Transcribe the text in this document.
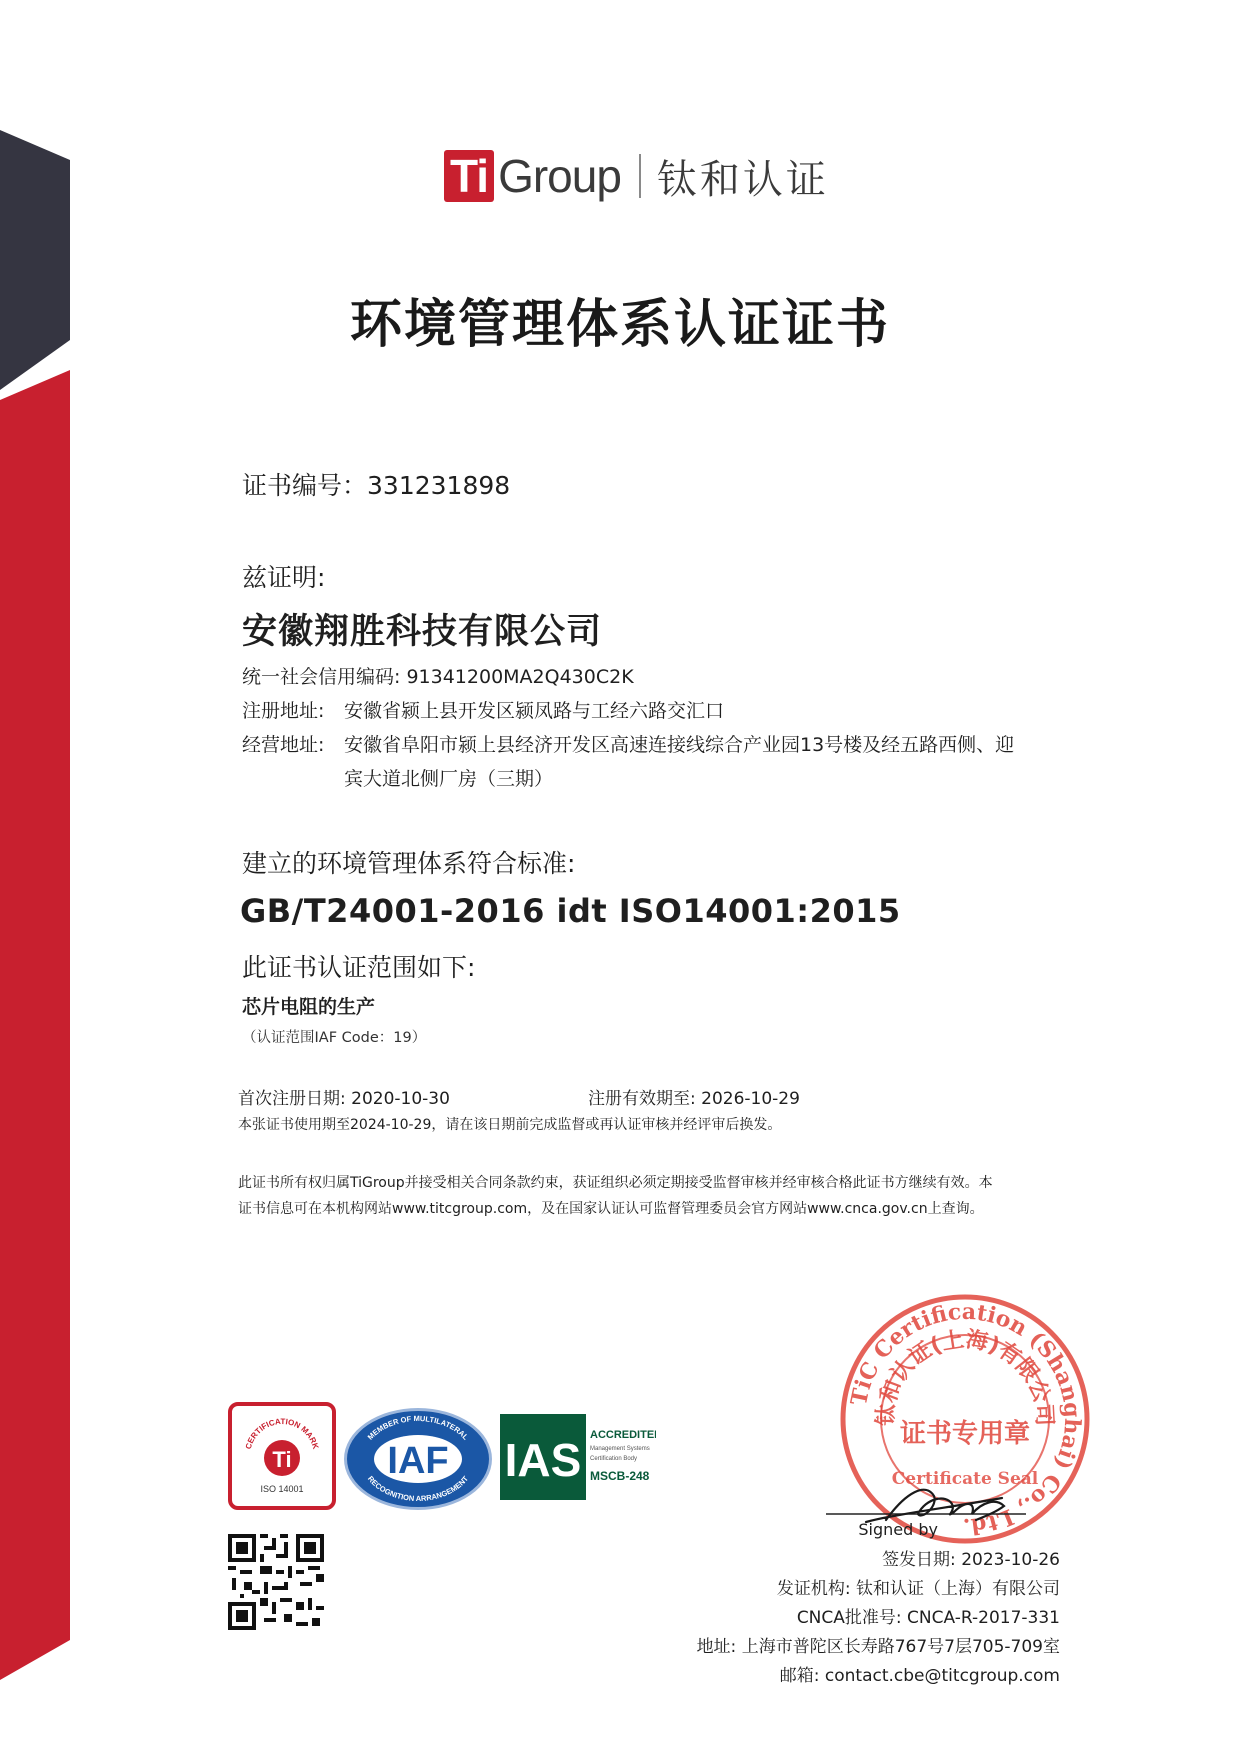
Ti Group 钛和认证
环境管理体系认证证书
证书编号：331231898
兹证明:
安徽翔胜科技有限公司
统一社会信用编码: 91341200MA2Q430C2K
注册地址:	安徽省颍上县开发区颍凤路与工经六路交汇口
经营地址:	安徽省阜阳市颍上县经济开发区高速连接线综合产业园13号楼及经五路西侧、迎
宾大道北侧厂房（三期）
建立的环境管理体系符合标准:
GB/T24001-2016 idt ISO14001:2015
此证书认证范围如下:
芯片电阻的生产
（认证范围IAF Code：19）
首次注册日期: 2020-10-30	注册有效期至: 2026-10-29
本张证书使用期至2024-10-29，请在该日期前完成监督或再认证审核并经评审后换发。
此证书所有权归属TiGroup并接受相关合同条款约束，获证组织必须定期接受监督审核并经审核合格此证书方继续有效。本
证书信息可在本机构网站www.titcgroup.com，及在国家认证认可监督管理委员会官方网站www.cnca.gov.cn上查询。
CERTIFICATION MARK
Ti
ISO 14001
MEMBER OF MULTILATERAL
RECOGNITION ARRANGEMENT
IAF IAS ACCREDITED
Management Systems
Certification Body
MSCB-248
TiC Certification (Shanghai) Co., Ltd.
钛和认证(上海)有限公司
证书专用章
Certificate Seal
Signed by
签发日期: 2023-10-26
发证机构: 钛和认证（上海）有限公司
CNCA批准号: CNCA-R-2017-331
地址: 上海市普陀区长寿路767号7层705-709室
邮箱: contact.cbe@titcgroup.com
